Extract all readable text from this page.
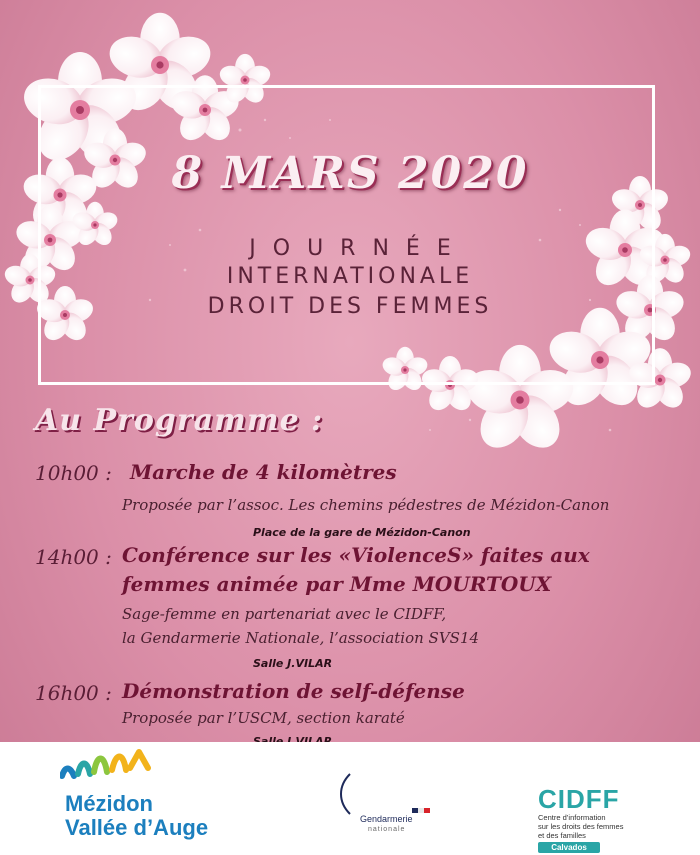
8 MARS 2020
JOURNÉE
INTERNATIONALE
DROIT DES FEMMES
Au Programme :
10h00 : Marche de 4 kilomètres
Proposée par l’assoc. Les chemins pédestres de Mézidon-Canon
Place de la gare de Mézidon-Canon
14h00 : Conférence sur les «ViolenceS» faites aux
femmes animée par Mme MOURTOUX
Sage-femme en partenariat avec le CIDFF,
la Gendarmerie Nationale, l’association SVS14
Salle J.VILAR
16h00 : Démonstration de self-défense
Proposée par l’USCM, section karaté
Mézidon
Vallée d’Auge	Gendarmerie
nationale
CIDFF
Centre d’information
sur les droits des femmes
et des familles
Calvados
